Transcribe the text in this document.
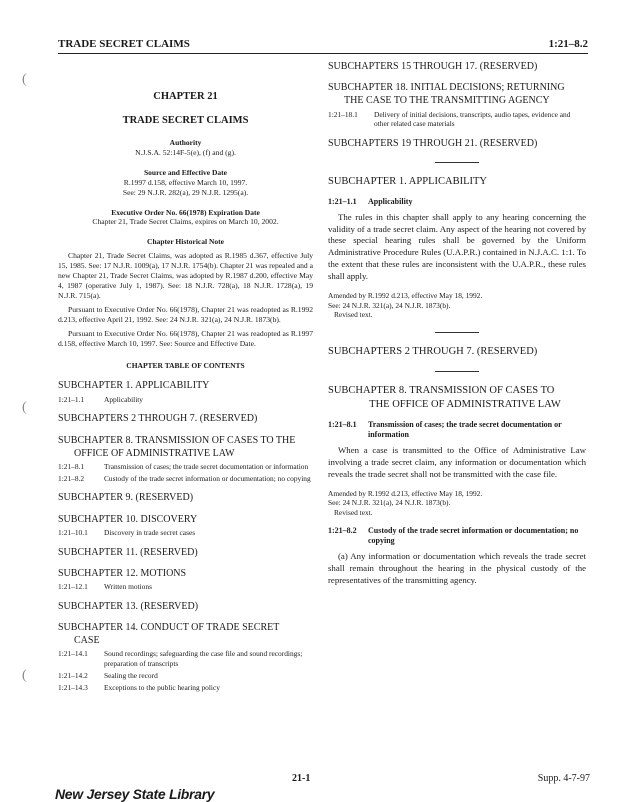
TRADE SECRET CLAIMS	1:21–8.2
(
(
(
CHAPTER 21
TRADE SECRET CLAIMS
Authority
N.J.S.A. 52:14F-5(e), (f) and (g).
Source and Effective Date
R.1997 d.158, effective March 10, 1997.
See: 29 N.J.R. 282(a), 29 N.J.R. 1295(a).
Executive Order No. 66(1978) Expiration Date
Chapter 21, Trade Secret Claims, expires on March 10, 2002.
Chapter Historical Note
Chapter 21, Trade Secret Claims, was adopted as R.1985 d.367, effective July 15, 1985. See: 17 N.J.R. 1009(a), 17 N.J.R. 1754(b). Chapter 21 was repealed and a new Chapter 21, Trade Secret Claims, was adopted by R.1987 d.200, effective May 4, 1987 (operative July 1, 1987). See: 18 N.J.R. 728(a), 18 N.J.R. 1728(a), 19 N.J.R. 715(a).
Pursuant to Executive Order No. 66(1978), Chapter 21 was readopted as R.1992 d.213, effective April 21, 1992. See: 24 N.J.R. 321(a), 24 N.J.R. 1873(b).
Pursuant to Executive Order No. 66(1978), Chapter 21 was readopted as R.1997 d.158, effective March 10, 1997. See: Source and Effective Date.
CHAPTER TABLE OF CONTENTS
SUBCHAPTER 1. APPLICABILITY
1:21–1.1	Applicability
SUBCHAPTERS 2 THROUGH 7. (RESERVED)
SUBCHAPTER 8. TRANSMISSION OF CASES TO THE
OFFICE OF ADMINISTRATIVE LAW
1:21–8.1	Transmission of cases; the trade secret documentation or information
1:21–8.2	Custody of the trade secret information or documentation; no copying
SUBCHAPTER 9. (RESERVED)
SUBCHAPTER 10. DISCOVERY
1:21–10.1	Discovery in trade secret cases
SUBCHAPTER 11. (RESERVED)
SUBCHAPTER 12. MOTIONS
1:21–12.1	Written motions
SUBCHAPTER 13. (RESERVED)
SUBCHAPTER 14. CONDUCT OF TRADE SECRET
CASE
1:21–14.1	Sound recordings; safeguarding the case file and sound recordings; preparation of transcripts
1:21–14.2	Sealing the record
1:21–14.3	Exceptions to the public hearing policy
SUBCHAPTERS 15 THROUGH 17. (RESERVED)
SUBCHAPTER 18. INITIAL DECISIONS; RETURNING
THE CASE TO THE TRANSMITTING AGENCY
1:21–18.1	Delivery of initial decisions, transcripts, audio tapes, evidence and other related case materials
SUBCHAPTERS 19 THROUGH 21. (RESERVED)
SUBCHAPTER 1. APPLICABILITY
1:21–1.1	Applicability
The rules in this chapter shall apply to any hearing concerning the validity of a trade secret claim. Any aspect of the hearing not covered by these special hearing rules shall be governed by the Uniform Administrative Procedure Rules (U.A.P.R.) contained in N.J.A.C. 1:1. To the extent that these rules are inconsistent with the U.A.P.R., these rules shall apply.
Amended by R.1992 d.213, effective May 18, 1992.
See: 24 N.J.R. 321(a), 24 N.J.R. 1873(b).
Revised text.
SUBCHAPTERS 2 THROUGH 7. (RESERVED)
SUBCHAPTER 8. TRANSMISSION OF CASES TO
THE OFFICE OF ADMINISTRATIVE LAW
1:21–8.1	Transmission of cases; the trade secret documentation or information
When a case is transmitted to the Office of Administrative Law involving a trade secret claim, any information or documentation which reveals the trade secret shall not be transmitted with the case file.
Amended by R.1992 d.213, effective May 18, 1992.
See: 24 N.J.R. 321(a), 24 N.J.R. 1873(b).
Revised text.
1:21–8.2	Custody of the trade secret information or documentation; no copying
(a) Any information or documentation which reveals the trade secret shall remain throughout the hearing in the physical custody of the representatives of the transmitting agency.
21-1	Supp. 4-7-97
New Jersey State Library
